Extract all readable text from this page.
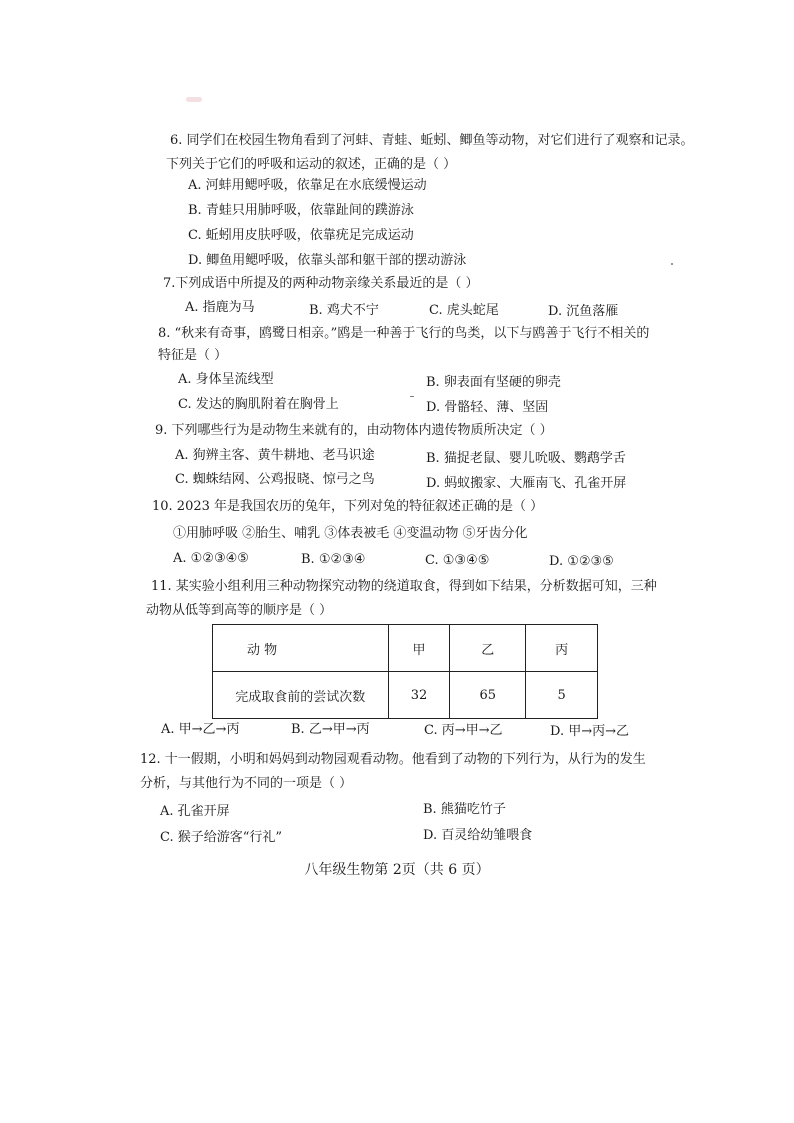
6. 同学们在校园生物角看到了河蚌、青蛙、蚯蚓、鲫鱼等动物，对它们进行了观察和记录。
下列关于它们的呼吸和运动的叙述，正确的是（ ）
A. 河蚌用鳃呼吸，依靠足在水底缓慢运动
B. 青蛙只用肺呼吸，依靠趾间的蹼游泳
C. 蚯蚓用皮肤呼吸，依靠疣足完成运动
D. 鲫鱼用鳃呼吸，依靠头部和躯干部的摆动游泳
7.下列成语中所提及的两种动物亲缘关系最近的是（ ）
A. 指鹿为马	B. 鸡犬不宁	C. 虎头蛇尾	D. 沉鱼落雁
8. “秋来有奇事，鸥鹭日相亲。”鸥是一种善于飞行的鸟类，以下与鸥善于飞行不相关的
特征是（ ）
A. 身体呈流线型	B. 卵表面有坚硬的卵壳
C. 发达的胸肌附着在胸骨上	D. 骨骼轻、薄、坚固
9. 下列哪些行为是动物生来就有的，由动物体内遗传物质所决定（ ）
A. 狗辨主客、黄牛耕地、老马识途	B. 猫捉老鼠、婴儿吮吸、鹦鹉学舌
C. 蜘蛛结网、公鸡报晓、惊弓之鸟	D. 蚂蚁搬家、大雁南飞、孔雀开屏
10. 2023 年是我国农历的兔年，下列对兔的特征叙述正确的是（ ）
①用肺呼吸 ②胎生、哺乳 ③体表被毛 ④变温动物 ⑤牙齿分化
A. ①②③④⑤	B. ①②③④	C. ①③④⑤	D. ①②③⑤
11. 某实验小组利用三种动物探究动物的绕道取食，得到如下结果，分析数据可知，三种
动物从低等到高等的顺序是（ ）
动 物	甲	乙	丙
完成取食前的尝试次数	32	65	5
A. 甲→乙→丙	B. 乙→甲→丙	C. 丙→甲→乙	D. 甲→丙→乙
12. 十一假期，小明和妈妈到动物园观看动物。他看到了动物的下列行为，从行为的发生
分析，与其他行为不同的一项是（ ）
A. 孔雀开屏	B. 熊猫吃竹子
C. 猴子给游客“行礼”	D. 百灵给幼雏喂食
八年级生物第 2页（共 6 页）
